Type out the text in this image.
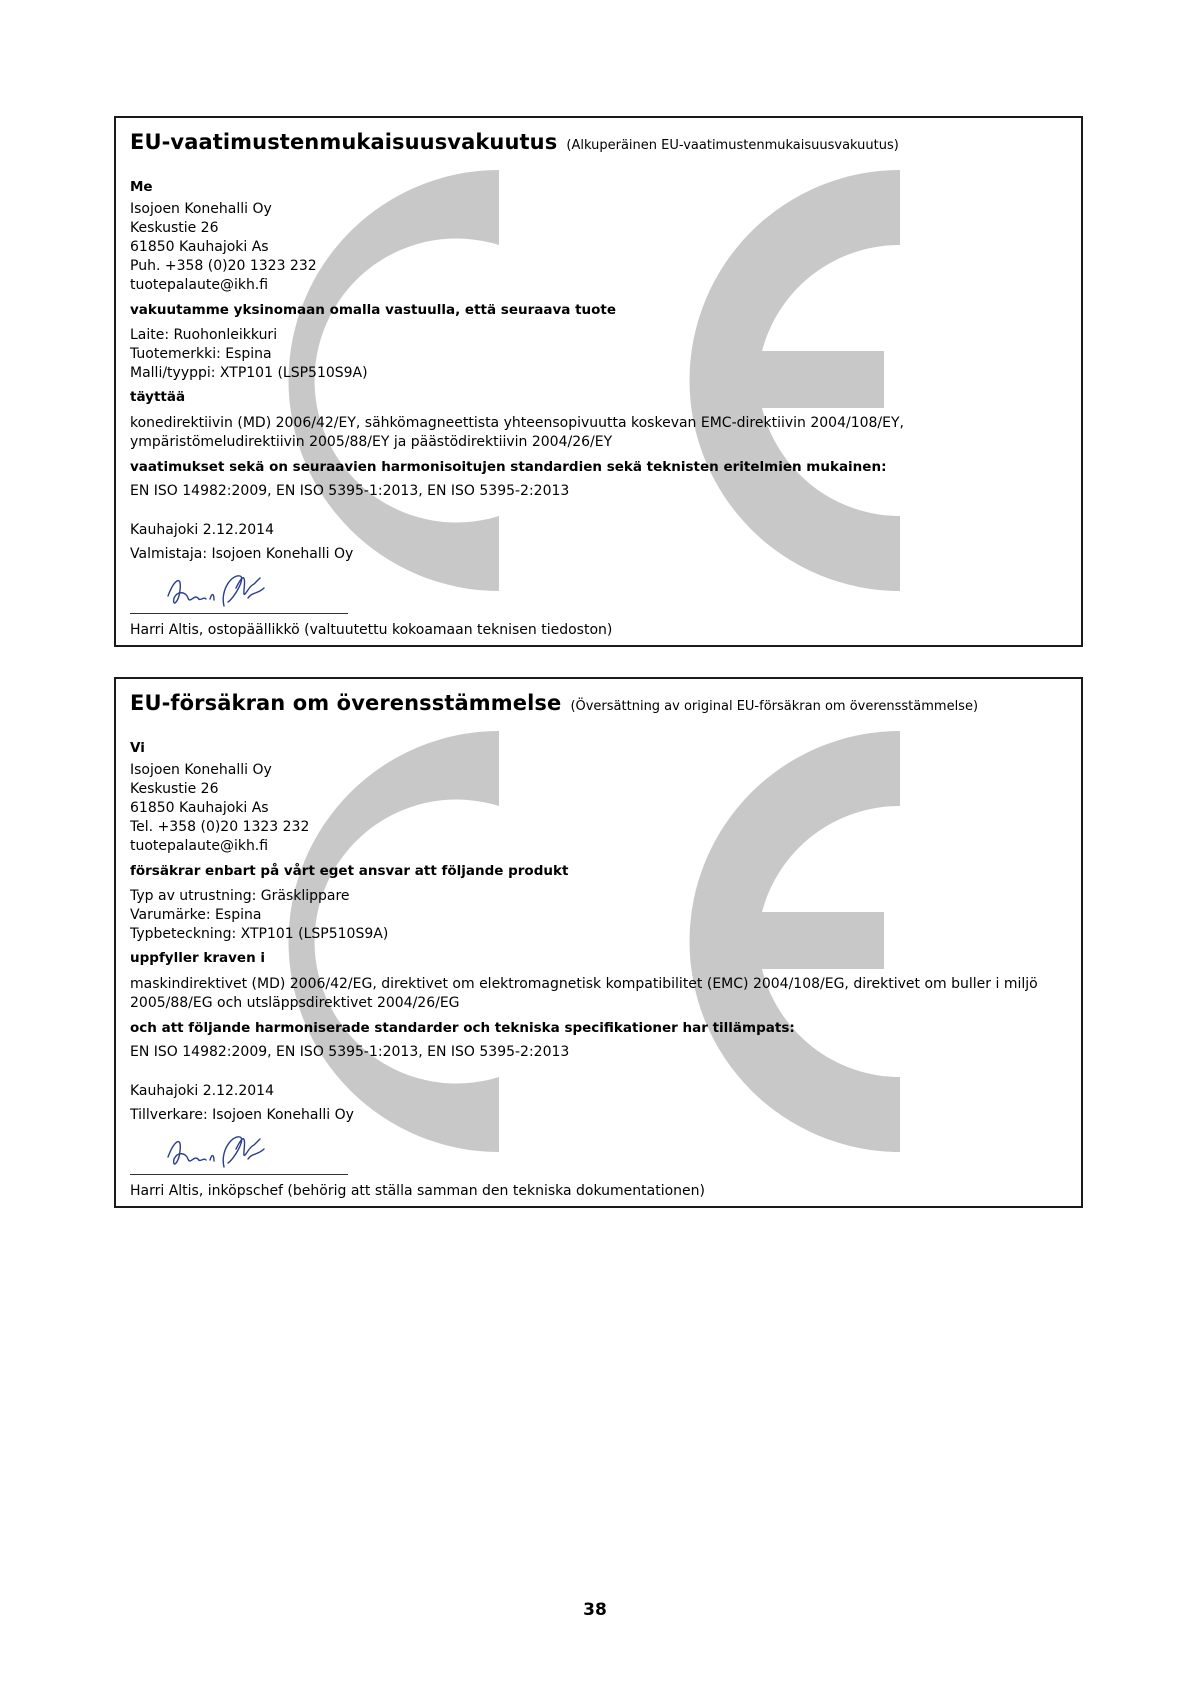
EU-vaatimustenmukaisuusvakuutus (Alkuperäinen EU-vaatimustenmukaisuusvakuutus)
Me
Isojoen Konehalli Oy
Keskustie 26
61850 Kauhajoki As
Puh. +358 (0)20 1323 232
tuotepalaute@ikh.fi
vakuutamme yksinomaan omalla vastuulla, että seuraava tuote
Laite: Ruohonleikkuri
Tuotemerkki: Espina
Malli/tyyppi: XTP101 (LSP510S9A)
täyttää
konedirektiivin (MD) 2006/42/EY, sähkömagneettista yhteensopivuutta koskevan EMC-direktiivin 2004/108/EY, ympäristömeludirektiivin 2005/88/EY ja päästödirektiivin 2004/26/EY
vaatimukset sekä on seuraavien harmonisoitujen standardien sekä teknisten eritelmien mukainen:
EN ISO 14982:2009, EN ISO 5395-1:2013, EN ISO 5395-2:2013
Kauhajoki 2.12.2014
Valmistaja: Isojoen Konehalli Oy
Harri Altis, ostopäällikkö (valtuutettu kokoamaan teknisen tiedoston)
EU-försäkran om överensstämmelse (Översättning av original EU-försäkran om överensstämmelse)
Vi
Isojoen Konehalli Oy
Keskustie 26
61850 Kauhajoki As
Tel. +358 (0)20 1323 232
tuotepalaute@ikh.fi
försäkrar enbart på vårt eget ansvar att följande produkt
Typ av utrustning: Gräsklippare
Varumärke: Espina
Typbeteckning: XTP101 (LSP510S9A)
uppfyller kraven i
maskindirektivet (MD) 2006/42/EG, direktivet om elektromagnetisk kompatibilitet (EMC) 2004/108/EG, direktivet om buller i miljö 2005/88/EG och utsläppsdirektivet 2004/26/EG
och att följande harmoniserade standarder och tekniska specifikationer har tillämpats:
EN ISO 14982:2009, EN ISO 5395-1:2013, EN ISO 5395-2:2013
Kauhajoki 2.12.2014
Tillverkare: Isojoen Konehalli Oy
Harri Altis, inköpschef (behörig att ställa samman den tekniska dokumentationen)
38
